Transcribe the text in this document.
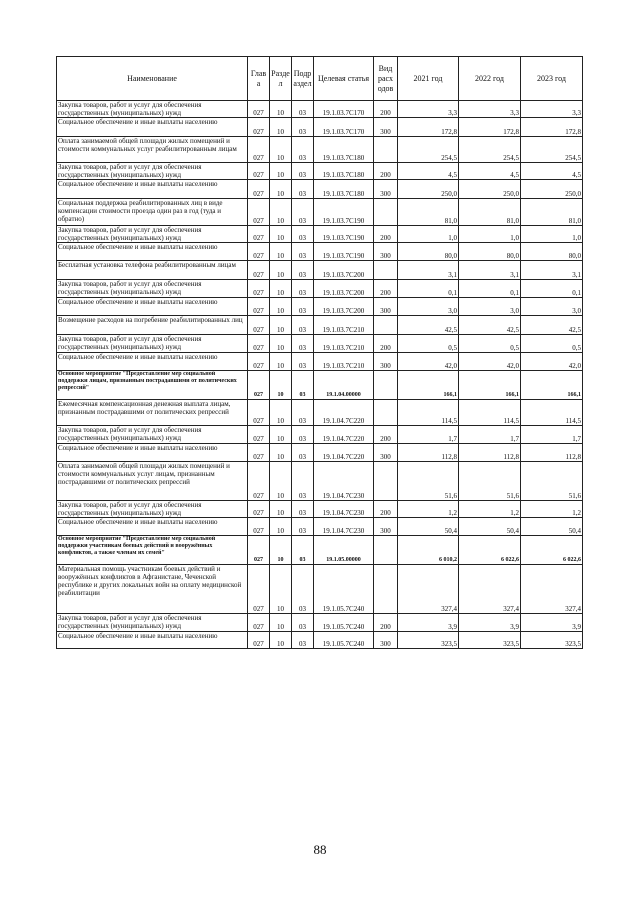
Наименование	Глав а	Разде л	Подр аздел	Целевая статья	Вид расх одов	2021 год	2022 год	2023 год
Закупка товаров, работ и услуг для обеспечения государственных (муниципальных) нужд	027	10	03	19.1.03.7С170	200	3,3	3,3	3,3
Социальное обеспечение и иные выплаты населению	027	10	03	19.1.03.7С170	300	172,8	172,8	172,8
Оплата занимаемой общей площади жилых помещений и стоимости коммунальных услуг реабилитированным лицам	027	10	03	19.1.03.7С180		254,5	254,5	254,5
Закупка товаров, работ и услуг для обеспечения государственных (муниципальных) нужд	027	10	03	19.1.03.7С180	200	4,5	4,5	4,5
Социальное обеспечение и иные выплаты населению	027	10	03	19.1.03.7С180	300	250,0	250,0	250,0
Социальная поддержка реабилитированных лиц в виде компенсации стоимости проезда один раз в год (туда и обратно)	027	10	03	19.1.03.7С190		81,0	81,0	81,0
Закупка товаров, работ и услуг для обеспечения государственных (муниципальных) нужд	027	10	03	19.1.03.7С190	200	1,0	1,0	1,0
Социальное обеспечение и иные выплаты населению	027	10	03	19.1.03.7С190	300	80,0	80,0	80,0
Бесплатная установка телефона реабилитированным лицам	027	10	03	19.1.03.7С200		3,1	3,1	3,1
Закупка товаров, работ и услуг для обеспечения государственных (муниципальных) нужд	027	10	03	19.1.03.7С200	200	0,1	0,1	0,1
Социальное обеспечение и иные выплаты населению	027	10	03	19.1.03.7С200	300	3,0	3,0	3,0
Возмещение расходов на погребение реабилитированных лиц	027	10	03	19.1.03.7С210		42,5	42,5	42,5
Закупка товаров, работ и услуг для обеспечения государственных (муниципальных) нужд	027	10	03	19.1.03.7С210	200	0,5	0,5	0,5
Социальное обеспечение и иные выплаты населению	027	10	03	19.1.03.7С210	300	42,0	42,0	42,0
Основное мероприятие "Предоставление мер социальной поддержки лицам, признанным пострадавшими от политических репрессий"	027	10	03	19.1.04.00000		166,1	166,1	166,1
Ежемесячная компенсационная денежная выплата лицам, признанным пострадавшими от политических репрессий	027	10	03	19.1.04.7С220		114,5	114,5	114,5
Закупка товаров, работ и услуг для обеспечения государственных (муниципальных) нужд	027	10	03	19.1.04.7С220	200	1,7	1,7	1,7
Социальное обеспечение и иные выплаты населению	027	10	03	19.1.04.7С220	300	112,8	112,8	112,8
Оплата занимаемой общей площади жилых помещений и стоимости коммунальных услуг лицам, признанным пострадавшими от политических репрессий	027	10	03	19.1.04.7С230		51,6	51,6	51,6
Закупка товаров, работ и услуг для обеспечения государственных (муниципальных) нужд	027	10	03	19.1.04.7С230	200	1,2	1,2	1,2
Социальное обеспечение и иные выплаты населению	027	10	03	19.1.04.7С230	300	50,4	50,4	50,4
Основное мероприятие "Предоставление мер социальной поддержки участникам боевых действий и вооружённых конфликтов, а также членам их семей"	027	10	03	19.1.05.00000		6 010,2	6 022,6	6 022,6
Материальная помощь участникам боевых действий и вооружённых конфликтов в Афганистане, Чеченской республике и других локальных войн на оплату медицинской реабилитации	027	10	03	19.1.05.7С240		327,4	327,4	327,4
Закупка товаров, работ и услуг для обеспечения государственных (муниципальных) нужд	027	10	03	19.1.05.7С240	200	3,9	3,9	3,9
Социальное обеспечение и иные выплаты населению	027	10	03	19.1.05.7С240	300	323,5	323,5	323,5
88
